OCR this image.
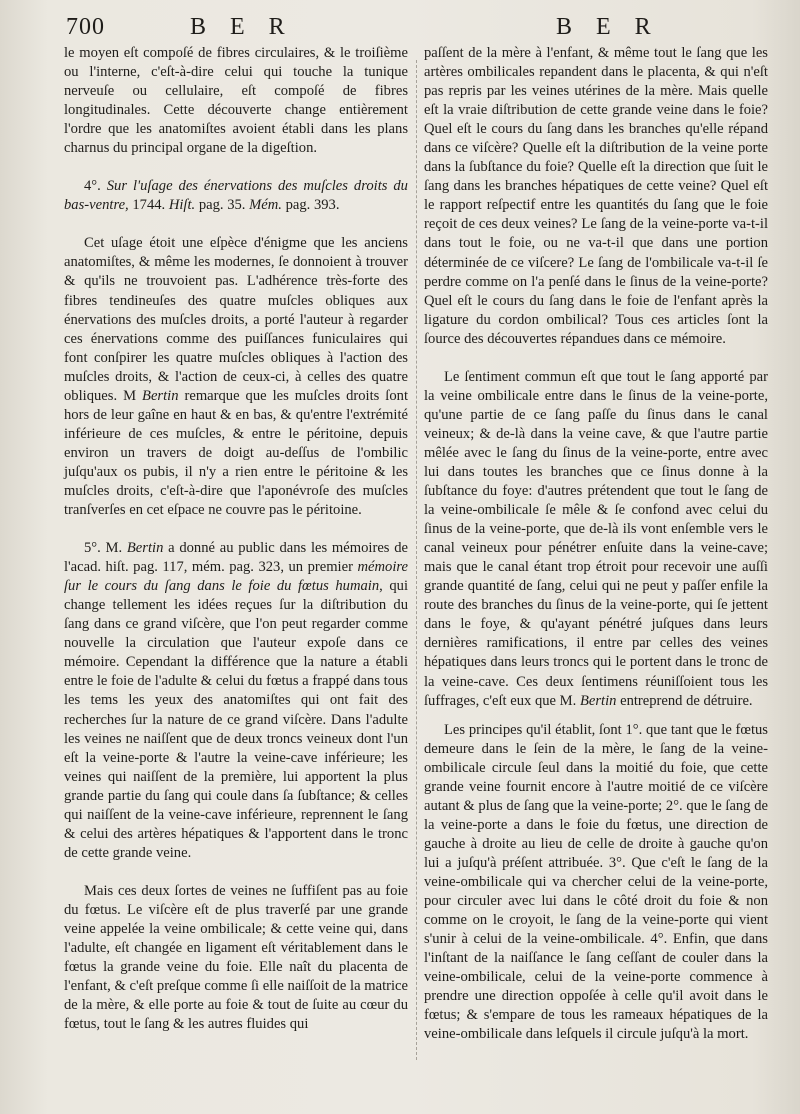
700	B E R	B E R

le moyen eſt compoſé de fibres circulaires, & le troiſième ou l'interne, c'eſt-à-dire celui qui touche la tunique nerveuſe ou cellulaire, eſt compoſé de fibres longitudinales. Cette découverte change entièrement l'ordre que les anatomiſtes avoient établi dans les plans charnus du principal organe de la digeſtion.

4°. Sur l'uſage des énervations des muſcles droits du bas-ventre, 1744. Hiſt. pag. 35. Mém. pag. 393.

Cet uſage étoit une eſpèce d'énigme que les anciens anatomiſtes, & même les modernes, ſe donnoient à trouver & qu'ils ne trouvoient pas. L'adhérence très-forte des fibres tendineuſes des quatre muſcles obliques aux énervations des muſcles droits, a porté l'auteur à regarder ces énervations comme des puiſſances funiculaires qui font conſpirer les quatre muſcles obliques à l'action des muſcles droits, & l'action de ceux-ci, à celles des quatre obliques. M Bertin remarque que les muſcles droits ſont hors de leur gaîne en haut & en bas, & qu'entre l'extrémité inférieure de ces muſcles, & entre le péritoine, depuis environ un travers de doigt au-deſſus de l'ombilic juſqu'aux os pubis, il n'y a rien entre le péritoine & les muſcles droits, c'eſt-à-dire que l'aponévroſe des muſcles tranſverſes en cet eſpace ne couvre pas le péritoine.

5°. M. Bertin a donné au public dans les mémoires de l'acad. hiſt. pag. 117, mém. pag. 323, un premier mémoire ſur le cours du ſang dans le foie du fœtus humain, qui change tellement les idées reçues ſur la diſtribution du ſang dans ce grand viſcère, que l'on peut regarder comme nouvelle la circulation que l'auteur expoſe dans ce mémoire. Cependant la différence que la nature a établi entre le foie de l'adulte & celui du fœtus a frappé dans tous les tems les yeux des anatomiſtes qui ont fait des recherches ſur la nature de ce grand viſcère. Dans l'adulte les veines ne naiſſent que de deux troncs veineux dont l'un eſt la veine-porte & l'autre la veine-cave inférieure; les veines qui naiſſent de la première, lui apportent la plus grande partie du ſang qui coule dans ſa ſubſtance; & celles qui naiſſent de la veine-cave inférieure, reprennent le ſang & celui des artères hépatiques & l'apportent dans le tronc de cette grande veine.

Mais ces deux ſortes de veines ne ſuffiſent pas au foie du fœtus. Le viſcère eſt de plus traverſé par une grande veine appelée la veine ombilicale; & cette veine qui, dans l'adulte, eſt changée en ligament eſt véritablement dans le fœtus la grande veine du foie. Elle naît du placenta de l'enfant, & c'eſt preſque comme ſi elle naiſſoit de la matrice de la mère, & elle porte au foie & tout de ſuite au cœur du fœtus, tout le ſang & les autres fluides qui

paſſent de la mère à l'enfant, & même tout le ſang que les artères ombilicales repandent dans le placenta, & qui n'eſt pas repris par les veines utérines de la mère. Mais quelle eſt la vraie diſtribution de cette grande veine dans le foie? Quel eſt le cours du ſang dans les branches qu'elle répand dans ce viſcère? Quelle eſt la diſtribution de la veine porte dans la ſubſtance du foie? Quelle eſt la direction que ſuit le ſang dans les branches hépatiques de cette veine? Quel eſt le rapport reſpectif entre les quantités du ſang que le foie reçoit de ces deux veines? Le ſang de la veine-porte va-t-il dans tout le foie, ou ne va-t-il que dans une portion déterminée de ce viſcere? Le ſang de l'ombilicale va-t-il ſe perdre comme on l'a penſé dans le ſinus de la veine-porte? Quel eſt le cours du ſang dans le foie de l'enfant après la ligature du cordon ombilical? Tous ces articles ſont la ſource des découvertes répandues dans ce mémoire.

Le ſentiment commun eſt que tout le ſang apporté par la veine ombilicale entre dans le ſinus de la veine-porte, qu'une partie de ce ſang paſſe du ſinus dans le canal veineux; & de-là dans la veine cave, & que l'autre partie mêlée avec le ſang du ſinus de la veine-porte, entre avec lui dans toutes les branches que ce ſinus donne à la ſubſtance du foye: d'autres prétendent que tout le ſang de la veine-ombilicale ſe mêle & ſe confond avec celui du ſinus de la veine-porte, que de-là ils vont enſemble vers le canal veineux pour pénétrer enſuite dans la veine-cave; mais que le canal étant trop étroit pour recevoir une auſſi grande quantité de ſang, celui qui ne peut y paſſer enfile la route des branches du ſinus de la veine-porte, qui ſe jettent dans le foye, & qu'ayant pénétré juſques dans leurs dernières ramifications, il entre par celles des veines hépatiques dans leurs troncs qui le portent dans le tronc de la veine-cave. Ces deux ſentimens réuniſſoient tous les ſuffrages, c'eſt eux que M. Bertin entreprend de détruire.

Les principes qu'il établit, ſont 1°. que tant que le fœtus demeure dans le ſein de la mère, le ſang de la veine-ombilicale circule ſeul dans la moitié du foie, que cette grande veine fournit encore à l'autre moitié de ce viſcère autant & plus de ſang que la veine-porte; 2°. que le ſang de la veine-porte a dans le foie du fœtus, une direction de gauche à droite au lieu de celle de droite à gauche qu'on lui a juſqu'à préſent attribuée. 3°. Que c'eſt le ſang de la veine-ombilicale qui va chercher celui de la veine-porte, pour circuler avec lui dans le côté droit du foie & non comme on le croyoit, le ſang de la veine-porte qui vient s'unir à celui de la veine-ombilicale. 4°. Enfin, que dans l'inſtant de la naiſſance le ſang ceſſant de couler dans la veine-ombilicale, celui de la veine-porte commence à prendre une direction oppoſée à celle qu'il avoit dans le fœtus; & s'empare de tous les rameaux hépatiques de la veine-ombilicale dans leſquels il circule juſqu'à la mort.
